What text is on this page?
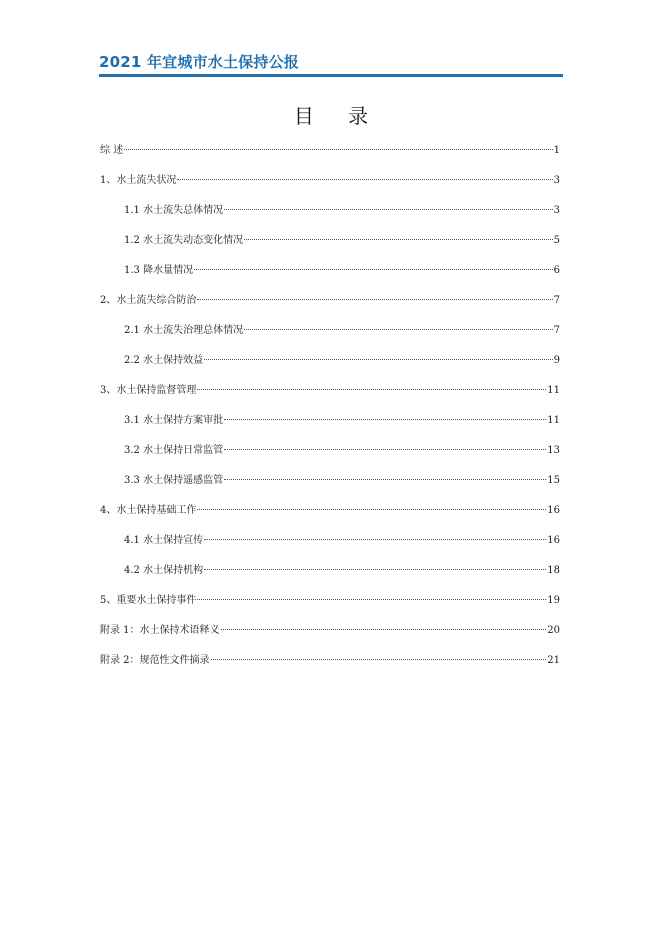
2021 年宜城市水土保持公报
目 录
综 述	1
1、水土流失状况	3
1.1 水土流失总体情况	3
1.2 水土流失动态变化情况	5
1.3 降水量情况	6
2、水土流失综合防治	7
2.1 水土流失治理总体情况	7
2.2 水土保持效益	9
3、水土保持监督管理	11
3.1 水土保持方案审批	11
3.2 水土保持日常监管	13
3.3 水土保持遥感监管	15
4、水土保持基础工作	16
4.1 水土保持宣传	16
4.2 水土保持机构	18
5、重要水土保持事件	19
附录 1：水土保持术语释义	20
附录 2：规范性文件摘录	21
